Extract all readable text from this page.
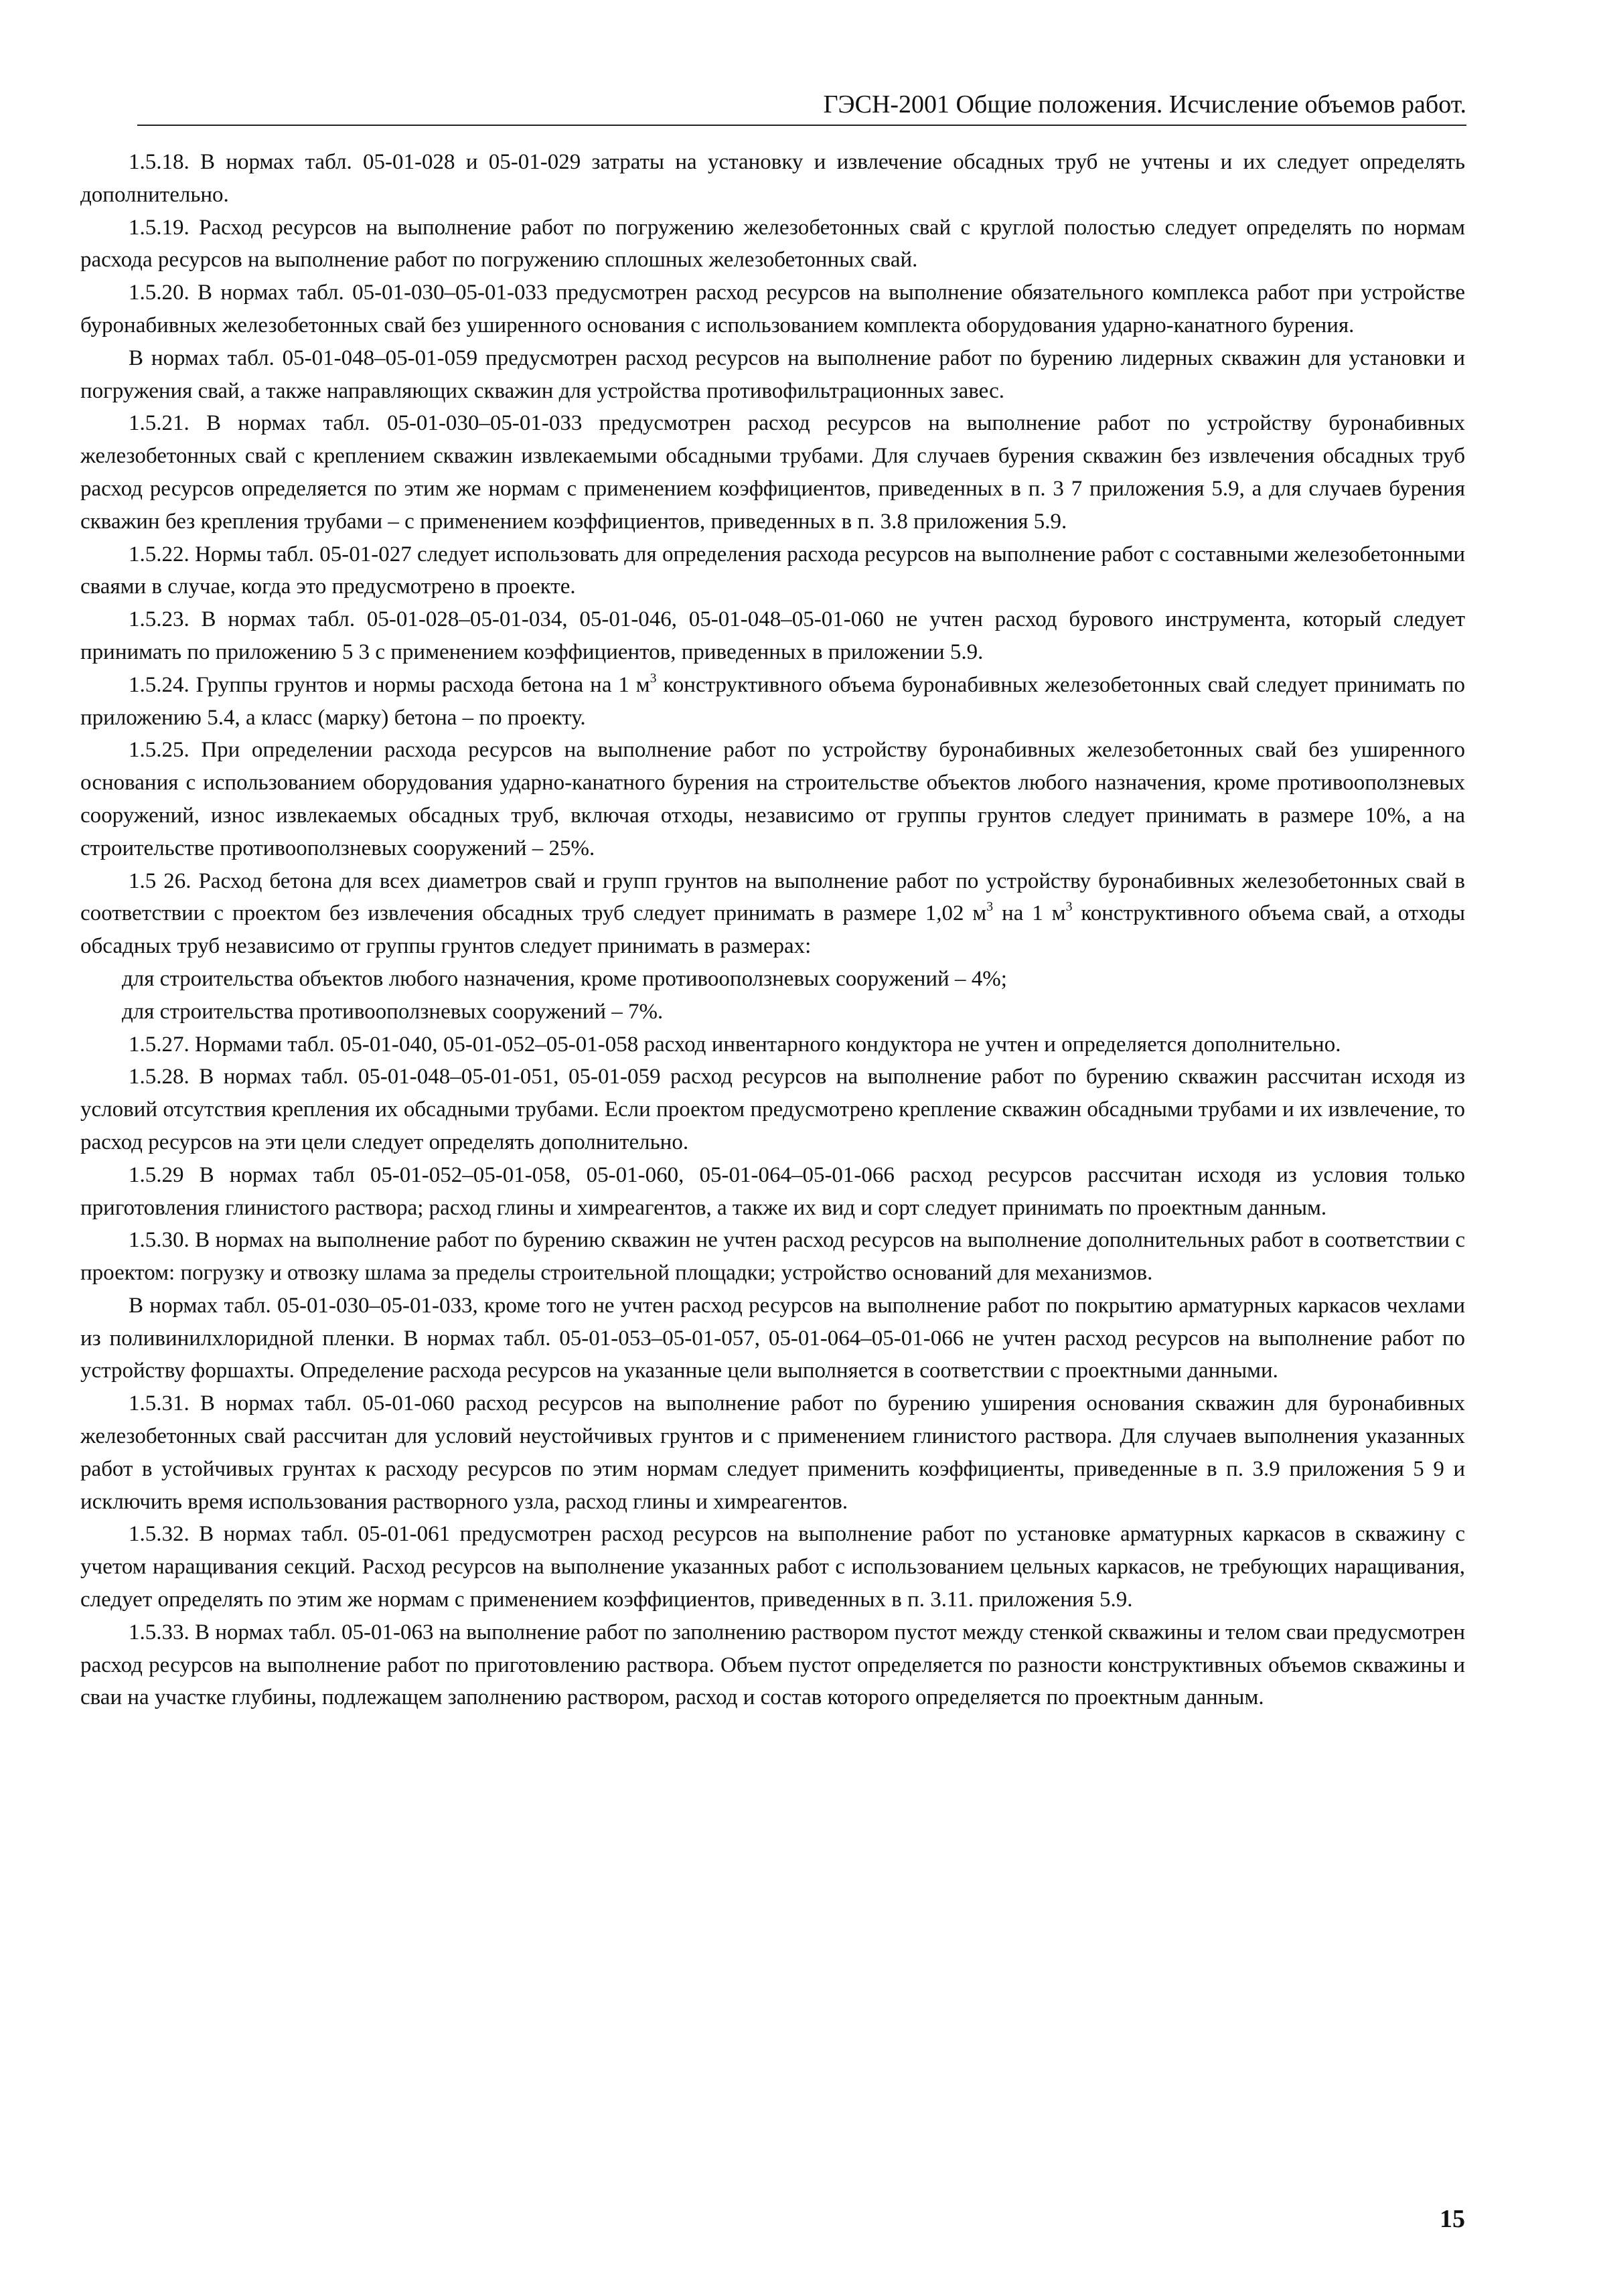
ГЭСН-2001 Общие положения. Исчисление объемов работ.

1.5.18. В нормах табл. 05-01-028 и 05-01-029 затраты на установку и извлечение обсадных труб не учтены и их следует определять дополнительно.

1.5.19. Расход ресурсов на выполнение работ по погружению железобетонных свай с круглой полостью следует определять по нормам расхода ресурсов на выполнение работ по погружению сплошных железобетонных свай.

1.5.20. В нормах табл. 05-01-030–05-01-033 предусмотрен расход ресурсов на выполнение обязательного комплекса работ при устройстве буронабивных железобетонных свай без уширенного основания с использованием комплекта оборудования ударно-канатного бурения.

В нормах табл. 05-01-048–05-01-059 предусмотрен расход ресурсов на выполнение работ по бурению лидерных скважин для установки и погружения свай, а также направляющих скважин для устройства противофильтрационных завес.

1.5.21. В нормах табл. 05-01-030–05-01-033 предусмотрен расход ресурсов на выполнение работ по устройству буронабивных железобетонных свай с креплением скважин извлекаемыми обсадными трубами. Для случаев бурения скважин без извлечения обсадных труб расход ресурсов определяется по этим же нормам с применением коэффициентов, приведенных в п. 3 7 приложения 5.9, а для случаев бурения скважин без крепления трубами – с применением коэффициентов, приведенных в п. 3.8 приложения 5.9.

1.5.22. Нормы табл. 05-01-027 следует использовать для определения расхода ресурсов на выполнение работ с составными железобетонными сваями в случае, когда это предусмотрено в проекте.

1.5.23. В нормах табл. 05-01-028–05-01-034, 05-01-046, 05-01-048–05-01-060 не учтен расход бурового инструмента, который следует принимать по приложению 5 3 с применением коэффициентов, приведенных в приложении 5.9.

1.5.24. Группы грунтов и нормы расхода бетона на 1 $м^3$ конструктивного объема буронабивных железобетонных свай следует принимать по приложению 5.4, а класс (марку) бетона – по проекту.

1.5.25. При определении расхода ресурсов на выполнение работ по устройству буронабивных железобетонных свай без уширенного основания с использованием оборудования ударно-канатного бурения на строительстве объектов любого назначения, кроме противооползневых сооружений, износ извлекаемых обсадных труб, включая отходы, независимо от группы грунтов следует принимать в размере 10%, а на строительстве противооползневых сооружений – 25%.

1.5 26. Расход бетона для всех диаметров свай и групп грунтов на выполнение работ по устройству буронабивных железобетонных свай в соответствии с проектом без извлечения обсадных труб следует принимать в размере 1,02 $м^3$ на 1 $м^3$ конструктивного объема свай, а отходы обсадных труб независимо от группы грунтов следует принимать в размерах:

для строительства объектов любого назначения, кроме противооползневых сооружений – 4%;

для строительства противооползневых сооружений – 7%.

1.5.27. Нормами табл. 05-01-040, 05-01-052–05-01-058 расход инвентарного кондуктора не учтен и определяется дополнительно.

1.5.28. В нормах табл. 05-01-048–05-01-051, 05-01-059 расход ресурсов на выполнение работ по бурению скважин рассчитан исходя из условий отсутствия крепления их обсадными трубами. Если проектом предусмотрено крепление скважин обсадными трубами и их извлечение, то расход ресурсов на эти цели следует определять дополнительно.

1.5.29 В нормах табл 05-01-052–05-01-058, 05-01-060, 05-01-064–05-01-066 расход ресурсов рассчитан исходя из условия только приготовления глинистого раствора; расход глины и химреагентов, а также их вид и сорт следует принимать по проектным данным.

1.5.30. В нормах на выполнение работ по бурению скважин не учтен расход ресурсов на выполнение дополнительных работ в соответствии с проектом: погрузку и отвозку шлама за пределы строительной площадки; устройство оснований для механизмов.

В нормах табл. 05-01-030–05-01-033, кроме того не учтен расход ресурсов на выполнение работ по покрытию арматурных каркасов чехлами из поливинилхлоридной пленки. В нормах табл. 05-01-053–05-01-057, 05-01-064–05-01-066 не учтен расход ресурсов на выполнение работ по устройству форшахты. Определение расхода ресурсов на указанные цели выполняется в соответствии с проектными данными.

1.5.31. В нормах табл. 05-01-060 расход ресурсов на выполнение работ по бурению уширения основания скважин для буронабивных железобетонных свай рассчитан для условий неустойчивых грунтов и с применением глинистого раствора. Для случаев выполнения указанных работ в устойчивых грунтах к расходу ресурсов по этим нормам следует применить коэффициенты, приведенные в п. 3.9 приложения 5 9 и исключить время использования растворного узла, расход глины и химреагентов.

1.5.32. В нормах табл. 05-01-061 предусмотрен расход ресурсов на выполнение работ по установке арматурных каркасов в скважину с учетом наращивания секций. Расход ресурсов на выполнение указанных работ с использованием цельных каркасов, не требующих наращивания, следует определять по этим же нормам с применением коэффициентов, приведенных в п. 3.11. приложения 5.9.

1.5.33. В нормах табл. 05-01-063 на выполнение работ по заполнению раствором пустот между стенкой скважины и телом сваи предусмотрен расход ресурсов на выполнение работ по приготовлению раствора. Объем пустот определяется по разности конструктивных объемов скважины и сваи на участке глубины, подлежащем заполнению раствором, расход и состав которого определяется по проектным данным.

15
